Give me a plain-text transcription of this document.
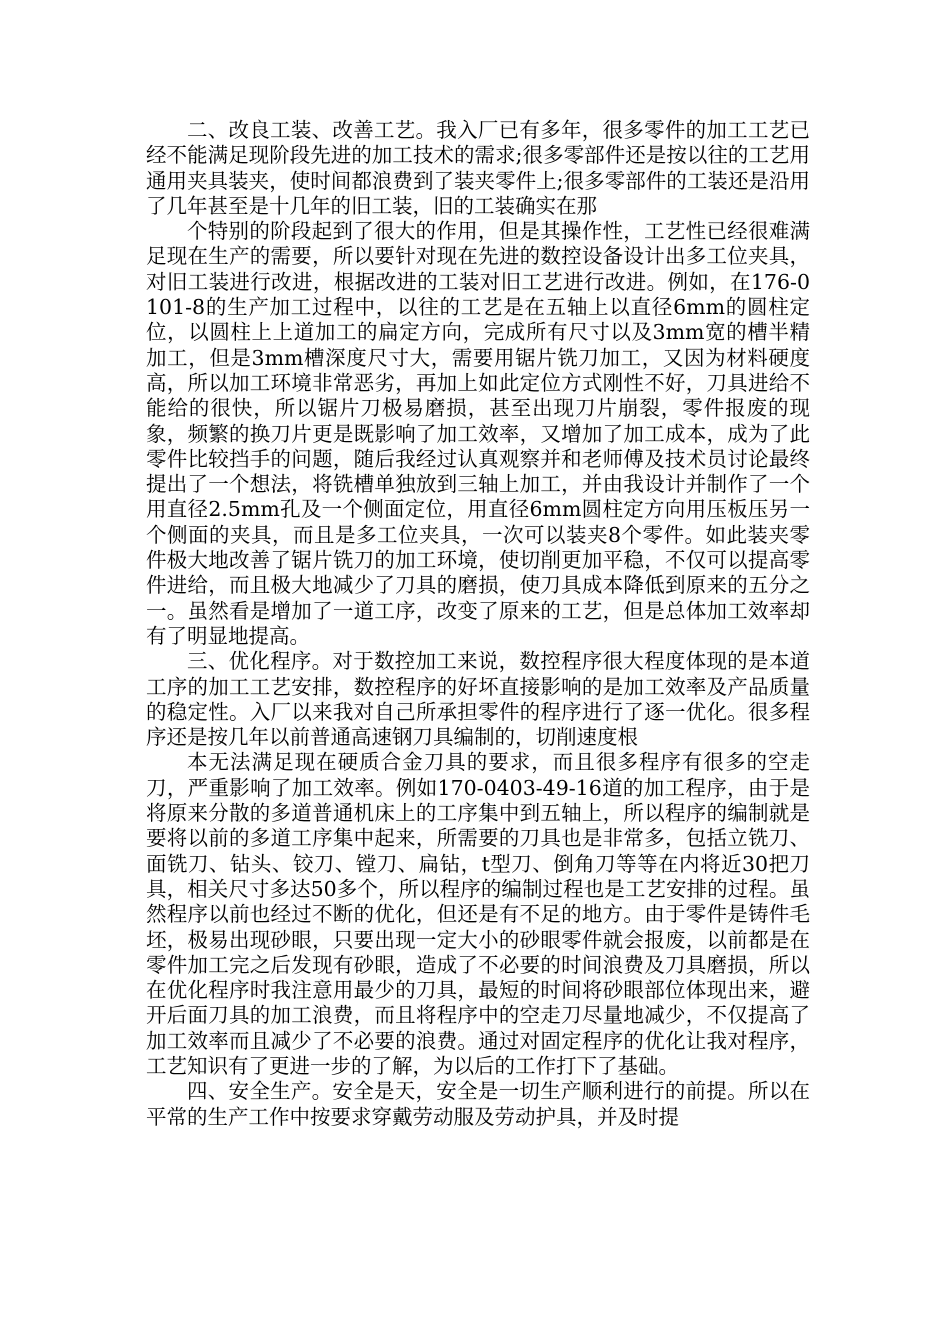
二、改良工装、改善工艺。我入厂已有多年，很多零件的加工工艺已经不能满足现阶段先进的加工技术的需求;很多零部件还是按以往的工艺用通用夹具装夹，使时间都浪费到了装夹零件上;很多零部件的工装还是沿用了几年甚至是十几年的旧工装，旧的工装确实在那

个特别的阶段起到了很大的作用，但是其操作性，工艺性已经很难满足现在生产的需要，所以要针对现在先进的数控设备设计出多工位夹具，对旧工装进行改进，根据改进的工装对旧工艺进行改进。例如，在176-0101-8的生产加工过程中，以往的工艺是在五轴上以直径6mm的圆柱定位，以圆柱上上道加工的扁定方向，完成所有尺寸以及3mm宽的槽半精加工，但是3mm槽深度尺寸大，需要用锯片铣刀加工，又因为材料硬度高，所以加工环境非常恶劣，再加上如此定位方式刚性不好，刀具进给不能给的很快，所以锯片刀极易磨损，甚至出现刀片崩裂，零件报废的现象，频繁的换刀片更是既影响了加工效率，又增加了加工成本，成为了此零件比较挡手的问题，随后我经过认真观察并和老师傅及技术员讨论最终提出了一个想法，将铣槽单独放到三轴上加工，并由我设计并制作了一个用直径2.5mm孔及一个侧面定位，用直径6mm圆柱定方向用压板压另一个侧面的夹具，而且是多工位夹具，一次可以装夹8个零件。如此装夹零件极大地改善了锯片铣刀的加工环境，使切削更加平稳，不仅可以提高零件进给，而且极大地减少了刀具的磨损，使刀具成本降低到原来的五分之一。虽然看是增加了一道工序，改变了原来的工艺，但是总体加工效率却有了明显地提高。

三、优化程序。对于数控加工来说，数控程序很大程度体现的是本道工序的加工工艺安排，数控程序的好坏直接影响的是加工效率及产品质量的稳定性。入厂以来我对自己所承担零件的程序进行了逐一优化。很多程序还是按几年以前普通高速钢刀具编制的，切削速度根

本无法满足现在硬质合金刀具的要求，而且很多程序有很多的空走刀，严重影响了加工效率。例如170-0403-49-16道的加工程序，由于是将原来分散的多道普通机床上的工序集中到五轴上，所以程序的编制就是要将以前的多道工序集中起来，所需要的刀具也是非常多，包括立铣刀、面铣刀、钻头、铰刀、镗刀、扁钻，t型刀、倒角刀等等在内将近30把刀具，相关尺寸多达50多个，所以程序的编制过程也是工艺安排的过程。虽然程序以前也经过不断的优化，但还是有不足的地方。由于零件是铸件毛坯，极易出现砂眼，只要出现一定大小的砂眼零件就会报废，以前都是在零件加工完之后发现有砂眼，造成了不必要的时间浪费及刀具磨损，所以在优化程序时我注意用最少的刀具，最短的时间将砂眼部位体现出来，避开后面刀具的加工浪费，而且将程序中的空走刀尽量地减少，不仅提高了加工效率而且减少了不必要的浪费。通过对固定程序的优化让我对程序，工艺知识有了更进一步的了解，为以后的工作打下了基础。

四、安全生产。安全是天，安全是一切生产顺利进行的前提。所以在平常的生产工作中按要求穿戴劳动服及劳动护具，并及时提
